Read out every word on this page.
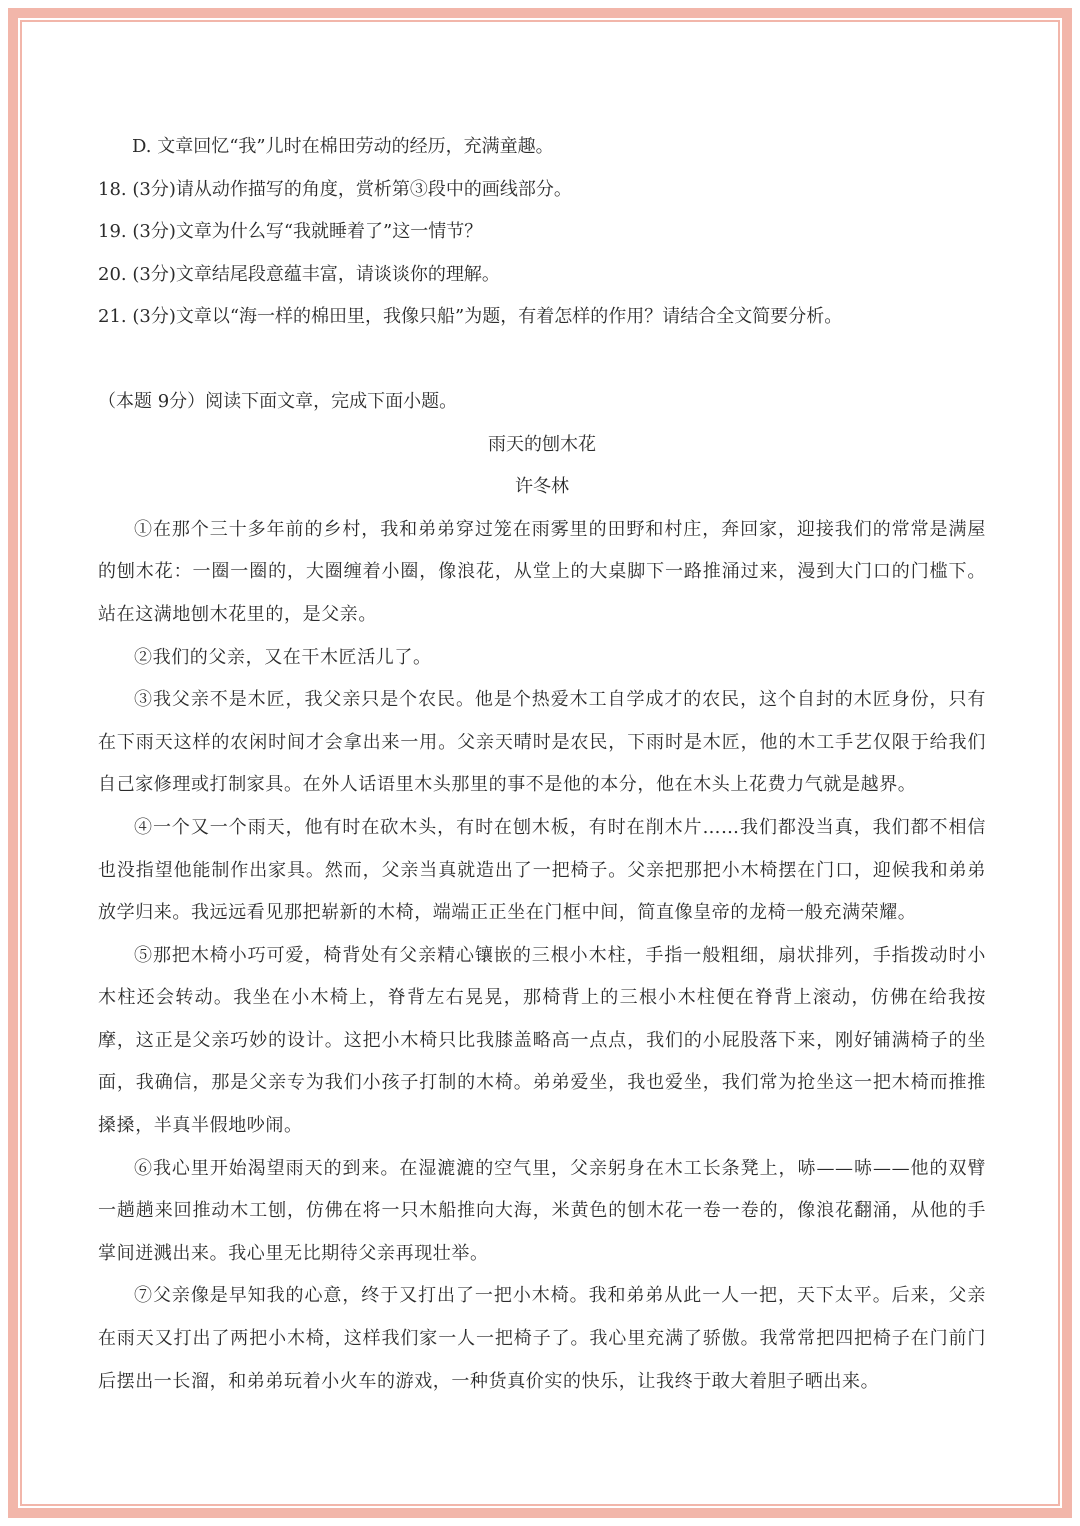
D. 文章回忆“我”儿时在棉田劳动的经历，充满童趣。

18. (3分)请从动作描写的角度，赏析第③段中的画线部分。

19. (3分)文章为什么写“我就睡着了”这一情节？

20. (3分)文章结尾段意蕴丰富，请谈谈你的理解。

21. (3分)文章以“海一样的棉田里，我像只船”为题，有着怎样的作用？请结合全文简要分析。

（本题 9分）阅读下面文章，完成下面小题。

雨天的刨木花

许冬林

①在那个三十多年前的乡村，我和弟弟穿过笼在雨雾里的田野和村庄，奔回家，迎接我们的常常是满屋的刨木花：一圈一圈的，大圈缠着小圈，像浪花，从堂上的大桌脚下一路推涌过来，漫到大门口的门槛下。站在这满地刨木花里的，是父亲。

②我们的父亲，又在干木匠活儿了。

③我父亲不是木匠，我父亲只是个农民。他是个热爱木工自学成才的农民，这个自封的木匠身份，只有在下雨天这样的农闲时间才会拿出来一用。父亲天晴时是农民，下雨时是木匠，他的木工手艺仅限于给我们自己家修理或打制家具。在外人话语里木头那里的事不是他的本分，他在木头上花费力气就是越界。

④一个又一个雨天，他有时在砍木头，有时在刨木板，有时在削木片……我们都没当真，我们都不相信也没指望他能制作出家具。然而，父亲当真就造出了一把椅子。父亲把那把小木椅摆在门口，迎候我和弟弟放学归来。我远远看见那把崭新的木椅，端端正正坐在门框中间，简直像皇帝的龙椅一般充满荣耀。

⑤那把木椅小巧可爱，椅背处有父亲精心镶嵌的三根小木柱，手指一般粗细，扇状排列，手指拨动时小木柱还会转动。我坐在小木椅上，脊背左右晃晃，那椅背上的三根小木柱便在脊背上滚动，仿佛在给我按摩，这正是父亲巧妙的设计。这把小木椅只比我膝盖略高一点点，我们的小屁股落下来，刚好铺满椅子的坐面，我确信，那是父亲专为我们小孩子打制的木椅。弟弟爱坐，我也爱坐，我们常为抢坐这一把木椅而推推搡搡，半真半假地吵闹。

⑥我心里开始渴望雨天的到来。在湿漉漉的空气里，父亲躬身在木工长条凳上，哧——哧——他的双臂一趟趟来回推动木工刨，仿佛在将一只木船推向大海，米黄色的刨木花一卷一卷的，像浪花翻涌，从他的手掌间迸溅出来。我心里无比期待父亲再现壮举。

⑦父亲像是早知我的心意，终于又打出了一把小木椅。我和弟弟从此一人一把，天下太平。后来，父亲在雨天又打出了两把小木椅，这样我们家一人一把椅子了。我心里充满了骄傲。我常常把四把椅子在门前门后摆出一长溜，和弟弟玩着小火车的游戏，一种货真价实的快乐，让我终于敢大着胆子晒出来。
